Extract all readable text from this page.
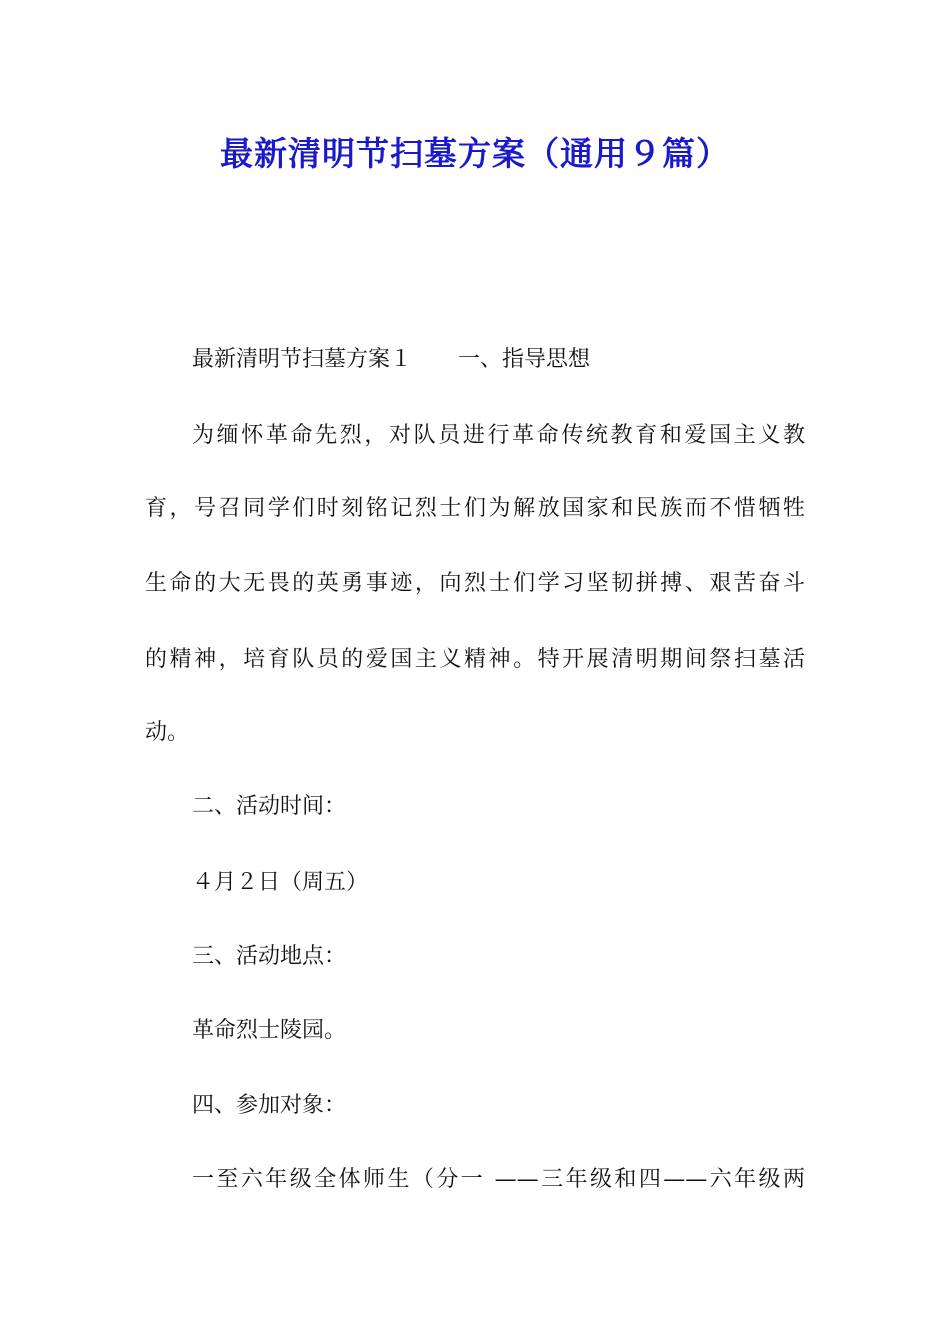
最新清明节扫墓方案（通用９篇）

最新清明节扫墓方案１ 一、指导思想

为缅怀革命先烈，对队员进行革命传统教育和爱国主义教

育，号召同学们时刻铭记烈士们为解放国家和民族而不惜牺牲

生命的大无畏的英勇事迹，向烈士们学习坚韧拼搏、艰苦奋斗

的精神，培育队员的爱国主义精神。特开展清明期间祭扫墓活

动。

二、活动时间：

４月２日（周五）

三、活动地点：

革命烈士陵园。

四、参加对象：

一至六年级全体师生（分一 ——三年级和四——六年级两
